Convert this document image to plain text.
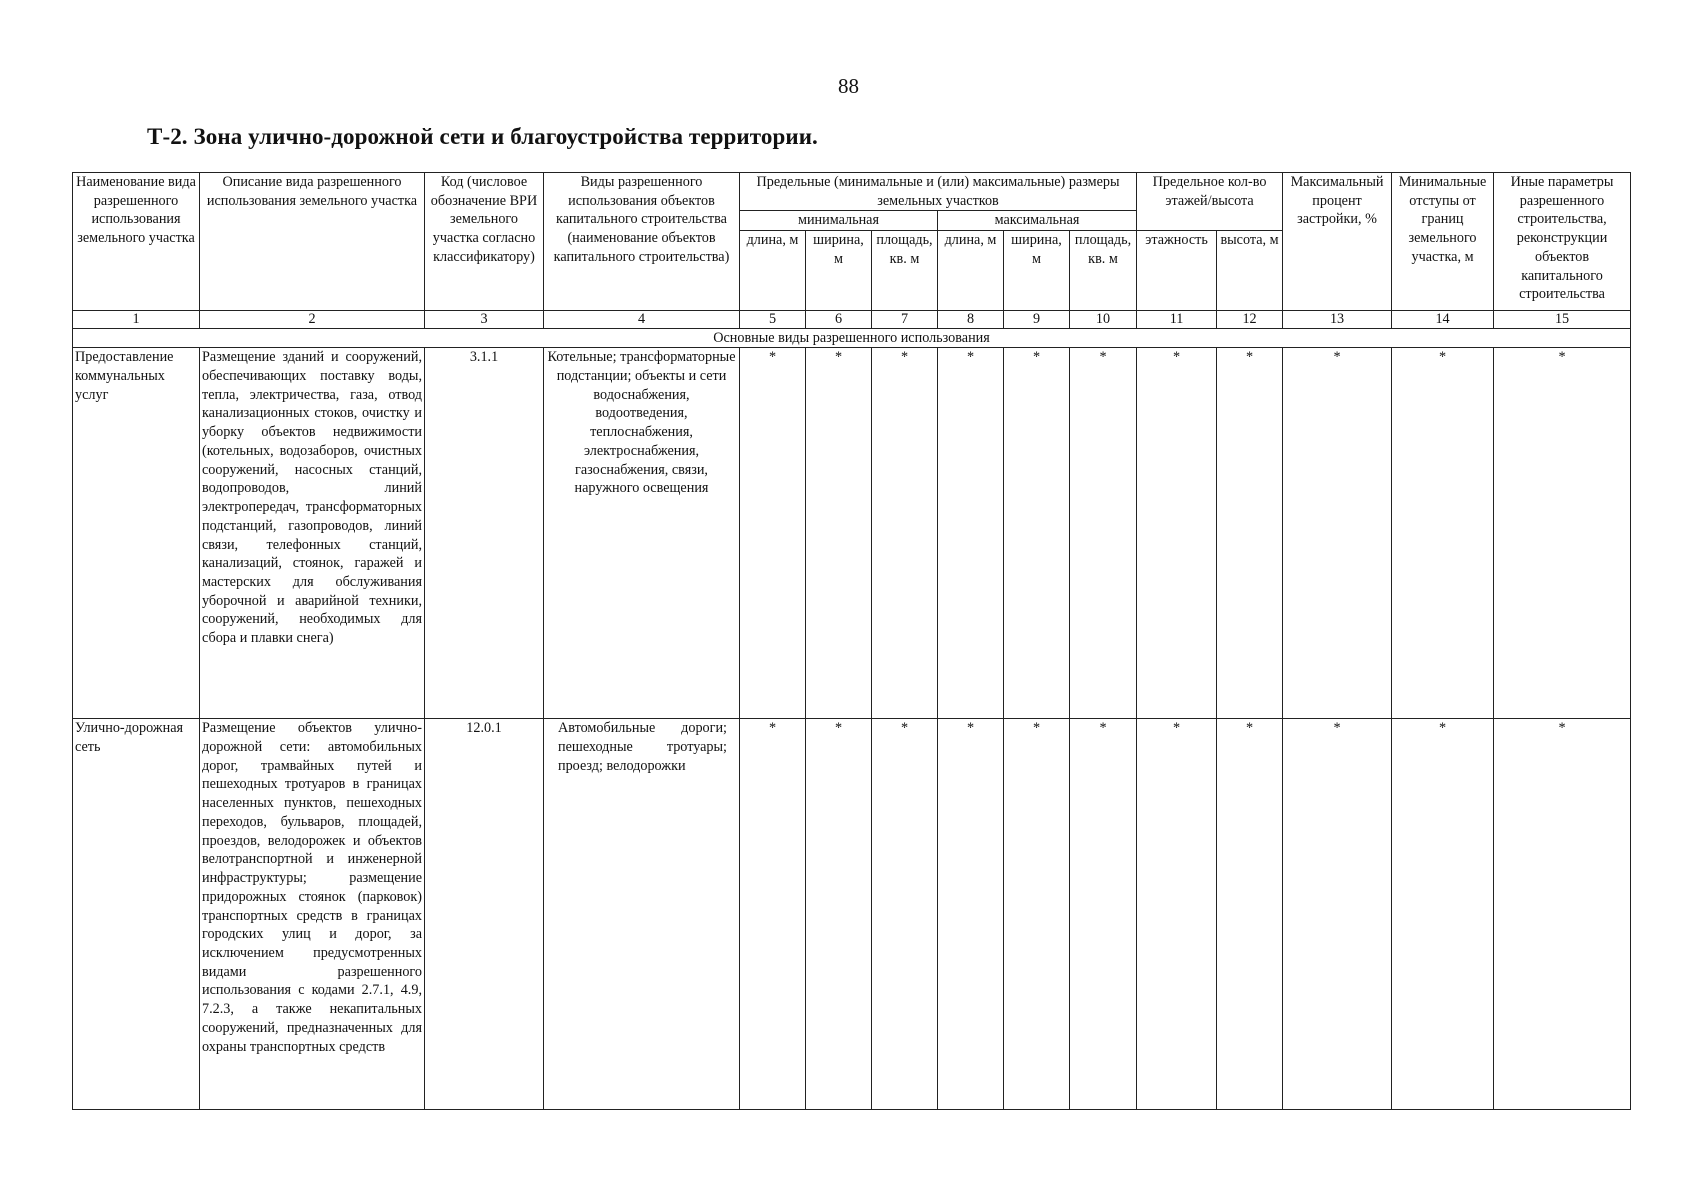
88
Т-2. Зона улично-дорожной сети и благоустройства территории.
Наименование вида разрешенного использования земельного участка	Описание вида разрешенного использования земельного участка	Код (числовое обозначение ВРИ земельного участка согласно классификатору)	Виды разрешенного использования объектов капитального строительства (наименование объектов капитального строительства)	Предельные (минимальные и (или) максимальные) размеры земельных участков						Предельное кол-во этажей/высота		Максимальный процент застройки, %	Минимальные отступы от границ земельного участка, м	Иные параметры разрешенного строительства, реконструкции объектов капитального строительства
				минимальная			максимальная							
				длина, м	ширина, м	площадь, кв. м	длина, м	ширина, м	площадь, кв. м	этажность	высота, м			
1	2	3	4	5	6	7	8	9	10	11	12	13	14	15
Основные виды разрешенного использования														
Предоставление коммунальных услуг	Размещение зданий и сооружений, обеспечивающих поставку воды, тепла, электричества, газа, отвод канализационных стоков, очистку и уборку объектов недвижимости (котельных, водозаборов, очистных сооружений, насосных станций, водопроводов, линий электропередач, трансформаторных подстанций, газопроводов, линий связи, телефонных станций, канализаций, стоянок, гаражей и мастерских для обслуживания уборочной и аварийной техники, сооружений, необходимых для сбора и плавки снега)	3.1.1	Котельные; трансформаторные подстанции; объекты и сети водоснабжения, водоотведения, теплоснабжения, электроснабжения, газоснабжения, связи, наружного освещения	*	*	*	*	*	*	*	*	*	*	*
Улично-дорожная сеть	Размещение объектов улично-дорожной сети: автомобильных дорог, трамвайных путей и пешеходных тротуаров в границах населенных пунктов, пешеходных переходов, бульваров, площадей, проездов, велодорожек и объектов велотранспортной и инженерной инфраструктуры; размещение придорожных стоянок (парковок) транспортных средств в границах городских улиц и дорог, за исключением предусмотренных видами разрешенного использования с кодами 2.7.1, 4.9, 7.2.3, а также некапитальных сооружений, предназначенных для охраны транспортных средств	12.0.1	Автомобильные дороги; пешеходные тротуары; проезд; велодорожки	*	*	*	*	*	*	*	*	*	*	*
